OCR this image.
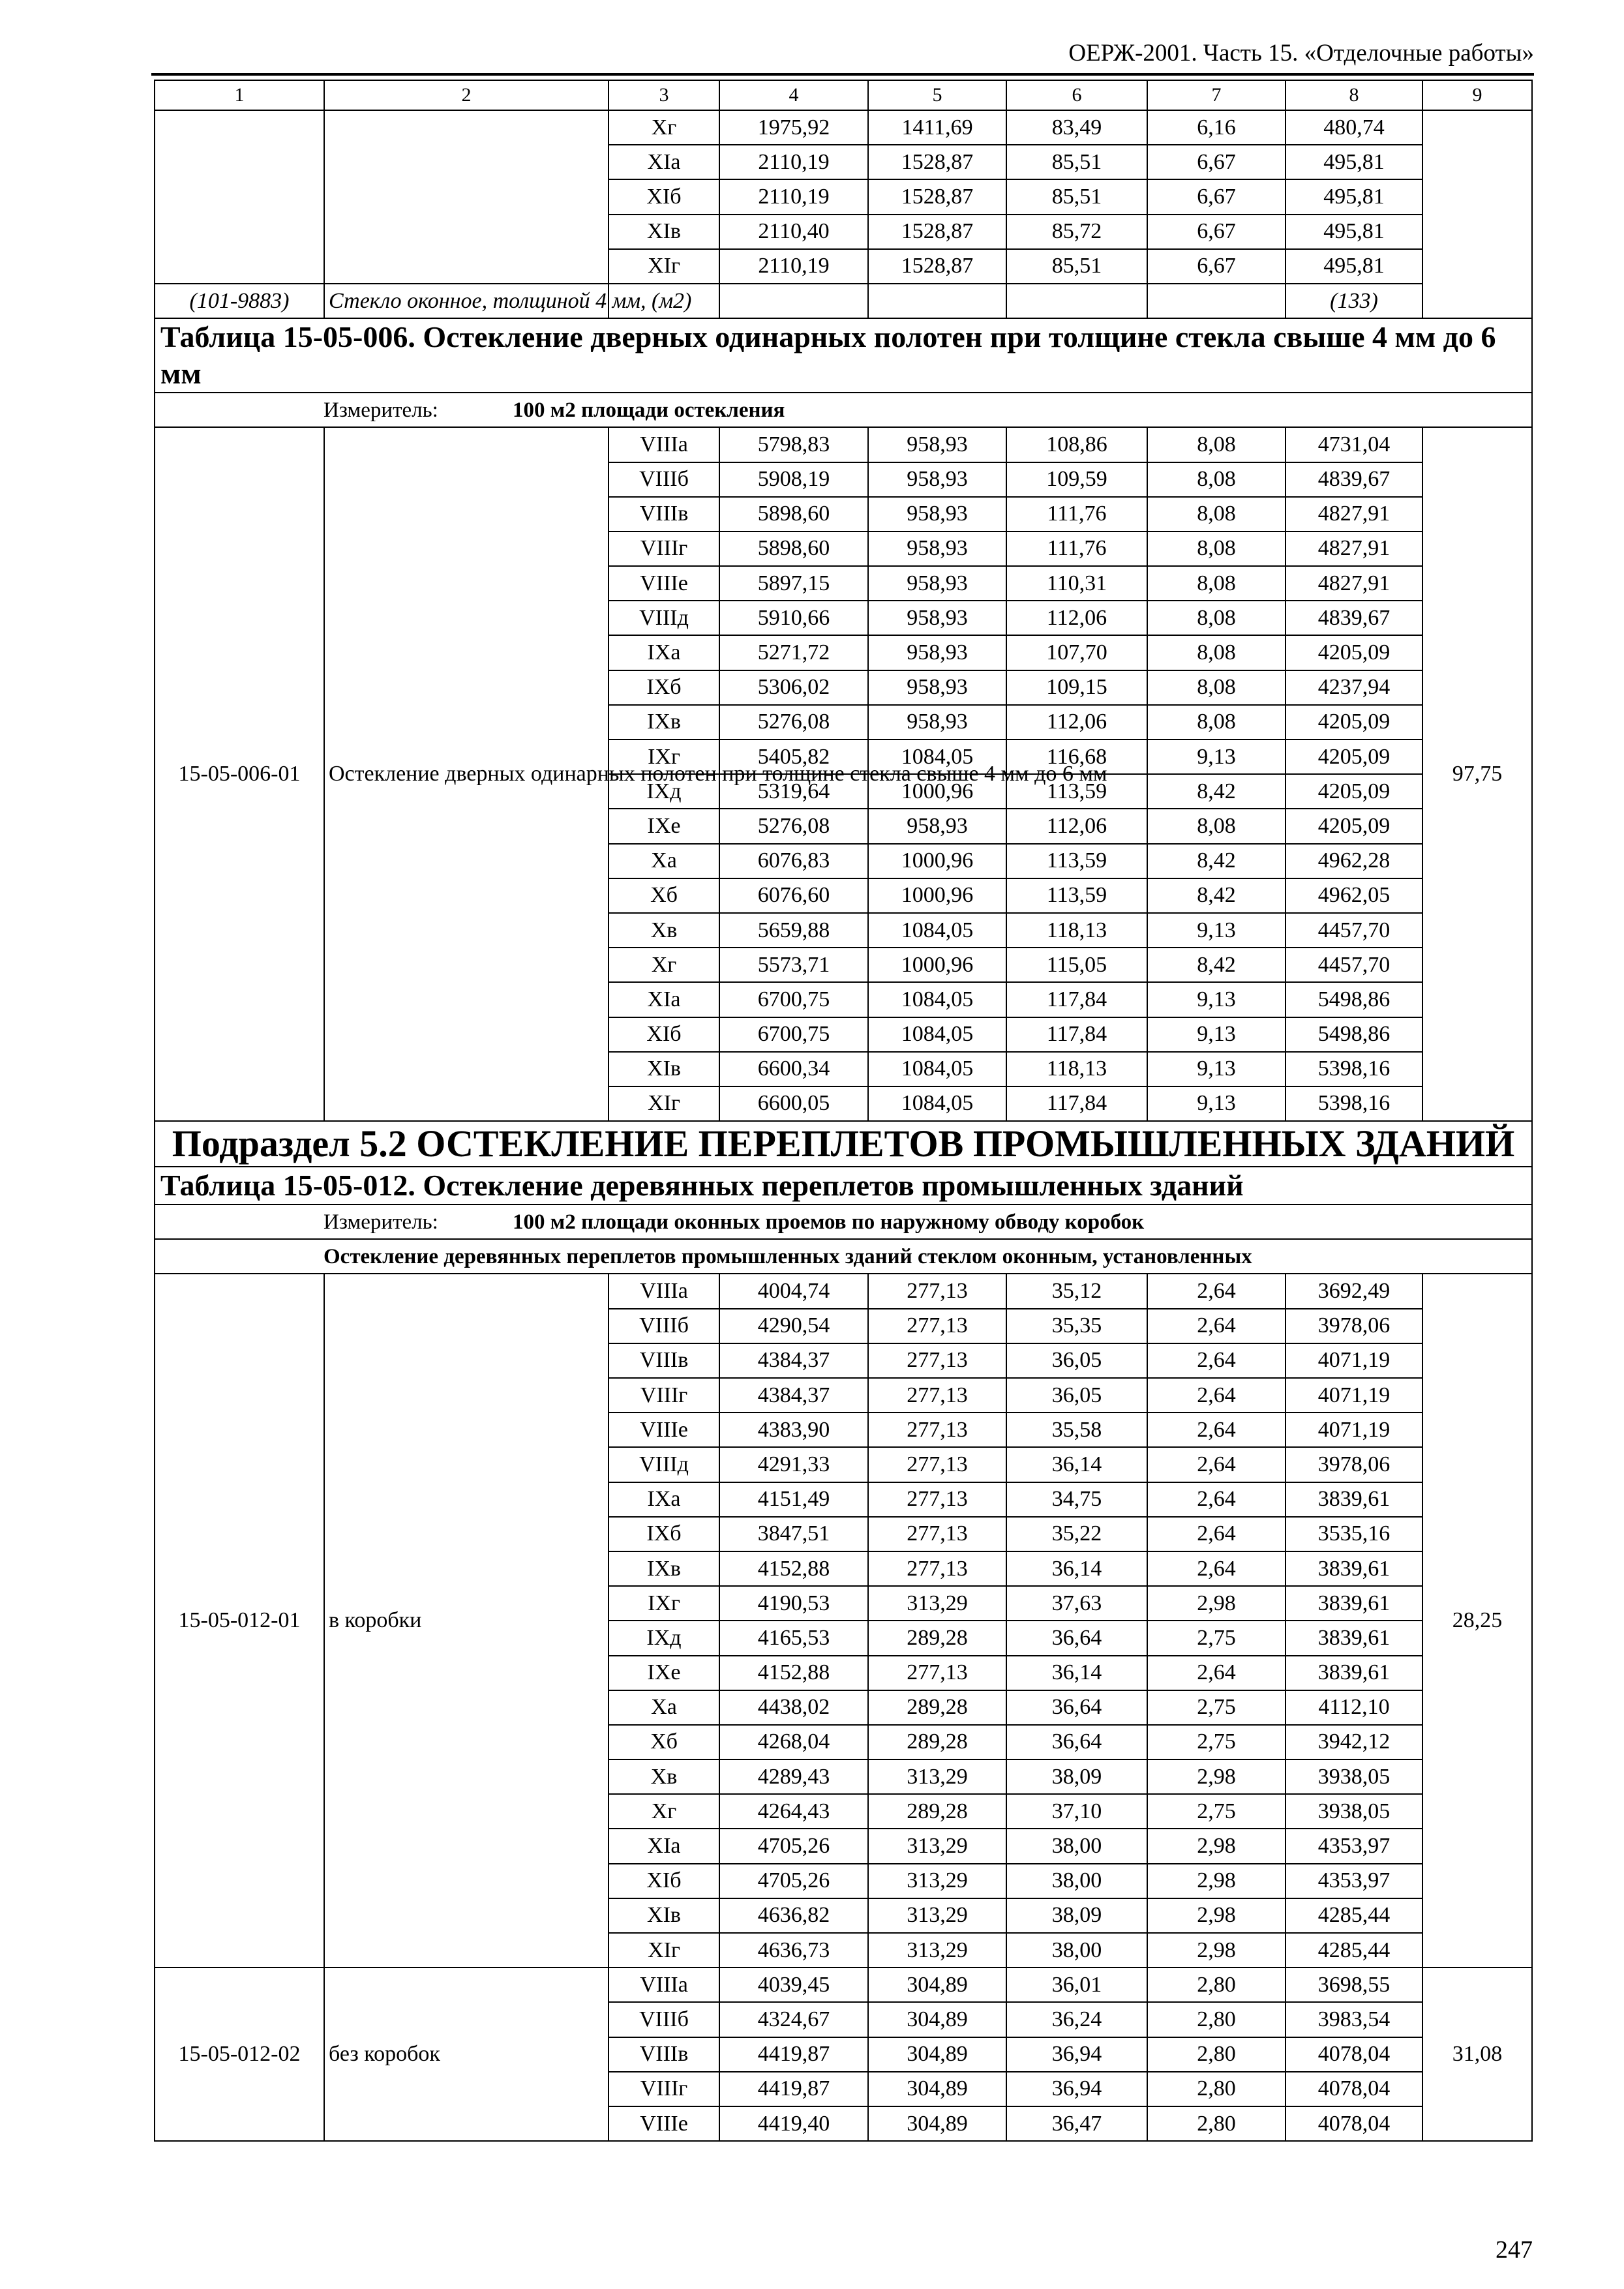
ОЕРЖ-2001. Часть 15. «Отделочные работы»
1	2	3	4	5	6	7	8	9
		Xг	1975,92	1411,69	83,49	6,16	480,74	
		XIа	2110,19	1528,87	85,51	6,67	495,81	
		XIб	2110,19	1528,87	85,51	6,67	495,81	
		XIв	2110,40	1528,87	85,72	6,67	495,81	
		XIг	2110,19	1528,87	85,51	6,67	495,81	
(101-9883)	Стекло оконное, толщиной 4 мм, (м2)						(133)	
Таблица 15-05-006. Остекление дверных одинарных полотен при толщине стекла свыше 4 мм до 6 мм								
Измеритель: 100 м2 площади остекления								
15-05-006-01	Остекление дверных одинарных полотен при толщине стекла свыше 4 мм до 6 мм	VIIIа	5798,83	958,93	108,86	8,08	4731,04	97,75
		VIIIб	5908,19	958,93	109,59	8,08	4839,67	
		VIIIв	5898,60	958,93	111,76	8,08	4827,91	
		VIIIг	5898,60	958,93	111,76	8,08	4827,91	
		VIIIе	5897,15	958,93	110,31	8,08	4827,91	
		VIIIд	5910,66	958,93	112,06	8,08	4839,67	
		IXа	5271,72	958,93	107,70	8,08	4205,09	
		IXб	5306,02	958,93	109,15	8,08	4237,94	
		IXв	5276,08	958,93	112,06	8,08	4205,09	
		IXг	5405,82	1084,05	116,68	9,13	4205,09	
		IXд	5319,64	1000,96	113,59	8,42	4205,09	
		IXе	5276,08	958,93	112,06	8,08	4205,09	
		Xа	6076,83	1000,96	113,59	8,42	4962,28	
		Xб	6076,60	1000,96	113,59	8,42	4962,05	
		Xв	5659,88	1084,05	118,13	9,13	4457,70	
		Xг	5573,71	1000,96	115,05	8,42	4457,70	
		XIа	6700,75	1084,05	117,84	9,13	5498,86	
		XIб	6700,75	1084,05	117,84	9,13	5498,86	
		XIв	6600,34	1084,05	118,13	9,13	5398,16	
		XIг	6600,05	1084,05	117,84	9,13	5398,16	
Подраздел 5.2 ОСТЕКЛЕНИЕ ПЕРЕПЛЕТОВ ПРОМЫШЛЕННЫХ ЗДАНИЙ								
Таблица 15-05-012. Остекление деревянных переплетов промышленных зданий								
Измеритель: 100 м2 площади оконных проемов по наружному обводу коробок								
Остекление деревянных переплетов промышленных зданий стеклом оконным, установленных								
15-05-012-01	в коробки	VIIIа	4004,74	277,13	35,12	2,64	3692,49	28,25
		VIIIб	4290,54	277,13	35,35	2,64	3978,06	
		VIIIв	4384,37	277,13	36,05	2,64	4071,19	
		VIIIг	4384,37	277,13	36,05	2,64	4071,19	
		VIIIе	4383,90	277,13	35,58	2,64	4071,19	
		VIIIд	4291,33	277,13	36,14	2,64	3978,06	
		IXа	4151,49	277,13	34,75	2,64	3839,61	
		IXб	3847,51	277,13	35,22	2,64	3535,16	
		IXв	4152,88	277,13	36,14	2,64	3839,61	
		IXг	4190,53	313,29	37,63	2,98	3839,61	
		IXд	4165,53	289,28	36,64	2,75	3839,61	
		IXе	4152,88	277,13	36,14	2,64	3839,61	
		Xа	4438,02	289,28	36,64	2,75	4112,10	
		Xб	4268,04	289,28	36,64	2,75	3942,12	
		Xв	4289,43	313,29	38,09	2,98	3938,05	
		Xг	4264,43	289,28	37,10	2,75	3938,05	
		XIа	4705,26	313,29	38,00	2,98	4353,97	
		XIб	4705,26	313,29	38,00	2,98	4353,97	
		XIв	4636,82	313,29	38,09	2,98	4285,44	
		XIг	4636,73	313,29	38,00	2,98	4285,44	
15-05-012-02	без коробок	VIIIа	4039,45	304,89	36,01	2,80	3698,55	31,08
		VIIIб	4324,67	304,89	36,24	2,80	3983,54	
		VIIIв	4419,87	304,89	36,94	2,80	4078,04	
		VIIIг	4419,87	304,89	36,94	2,80	4078,04	
		VIIIе	4419,40	304,89	36,47	2,80	4078,04	
247
